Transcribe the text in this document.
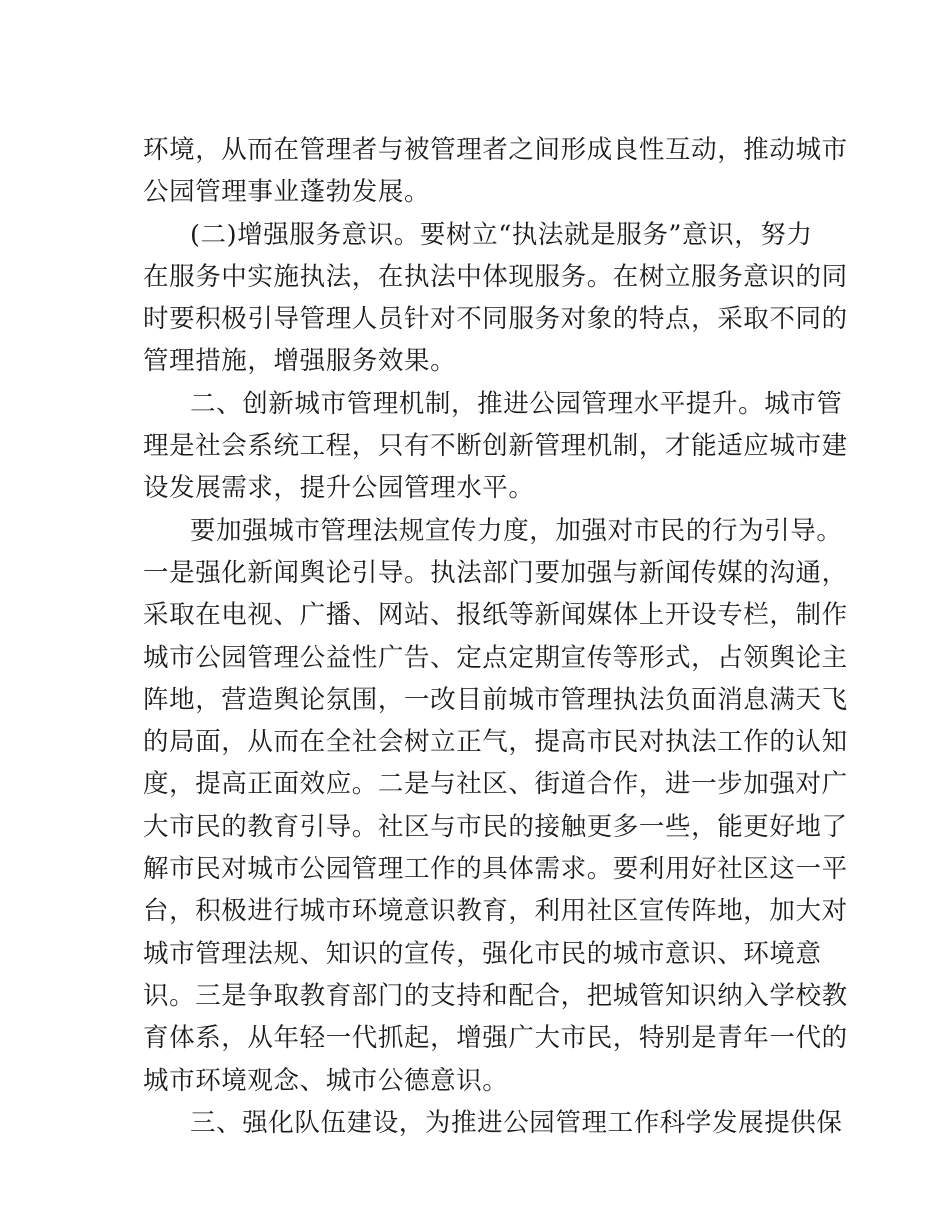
环境，从而在管理者与被管理者之间形成良性互动，推动城市
公园管理事业蓬勃发展。
(二)增强服务意识。要树立“执法就是服务”意识，努力
在服务中实施执法，在执法中体现服务。在树立服务意识的同
时要积极引导管理人员针对不同服务对象的特点，采取不同的
管理措施，增强服务效果。
二、创新城市管理机制，推进公园管理水平提升。城市管
理是社会系统工程，只有不断创新管理机制，才能适应城市建
设发展需求，提升公园管理水平。
要加强城市管理法规宣传力度，加强对市民的行为引导。
一是强化新闻舆论引导。执法部门要加强与新闻传媒的沟通，
采取在电视、广播、网站、报纸等新闻媒体上开设专栏，制作
城市公园管理公益性广告、定点定期宣传等形式，占领舆论主
阵地，营造舆论氛围，一改目前城市管理执法负面消息满天飞
的局面，从而在全社会树立正气，提高市民对执法工作的认知
度，提高正面效应。二是与社区、街道合作，进一步加强对广
大市民的教育引导。社区与市民的接触更多一些，能更好地了
解市民对城市公园管理工作的具体需求。要利用好社区这一平
台，积极进行城市环境意识教育，利用社区宣传阵地，加大对
城市管理法规、知识的宣传，强化市民的城市意识、环境意
识。三是争取教育部门的支持和配合，把城管知识纳入学校教
育体系，从年轻一代抓起，增强广大市民，特别是青年一代的
城市环境观念、城市公德意识。
三、强化队伍建设，为推进公园管理工作科学发展提供保
